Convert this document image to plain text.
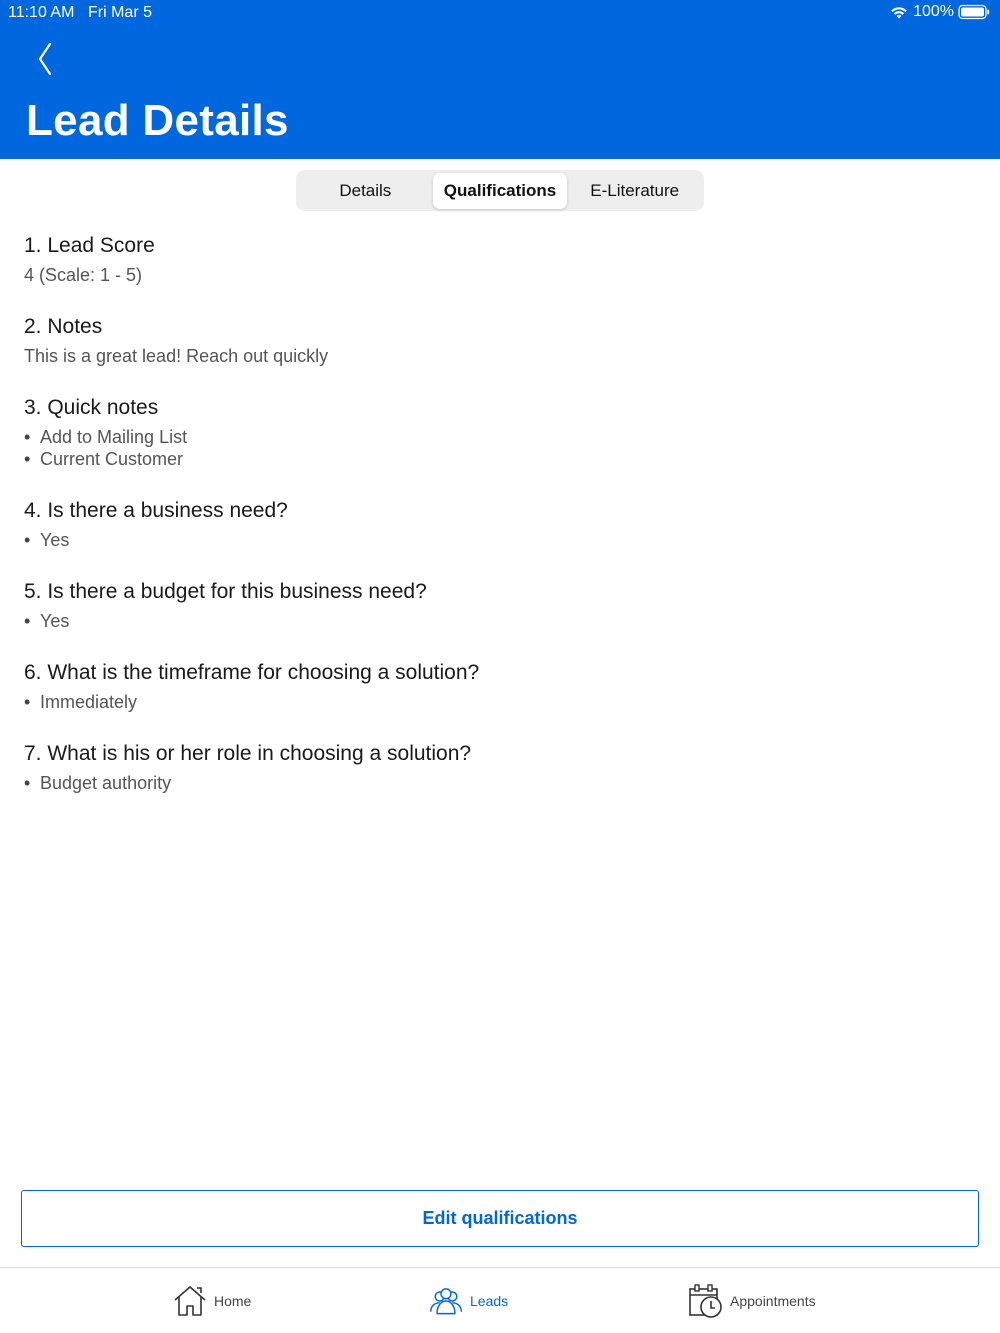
11:10 AM Fri Mar 5	100%
Lead Details
Details	Qualifications	E-Literature
1. Lead Score
4 (Scale: 1 - 5)
2. Notes
This is a great lead! Reach out quickly
3. Quick notes
• Add to Mailing List
• Current Customer
4. Is there a business need?
• Yes
5. Is there a budget for this business need?
• Yes
6. What is the timeframe for choosing a solution?
• Immediately
7. What is his or her role in choosing a solution?
• Budget authority
Edit qualifications
Home	Leads	Appointments
